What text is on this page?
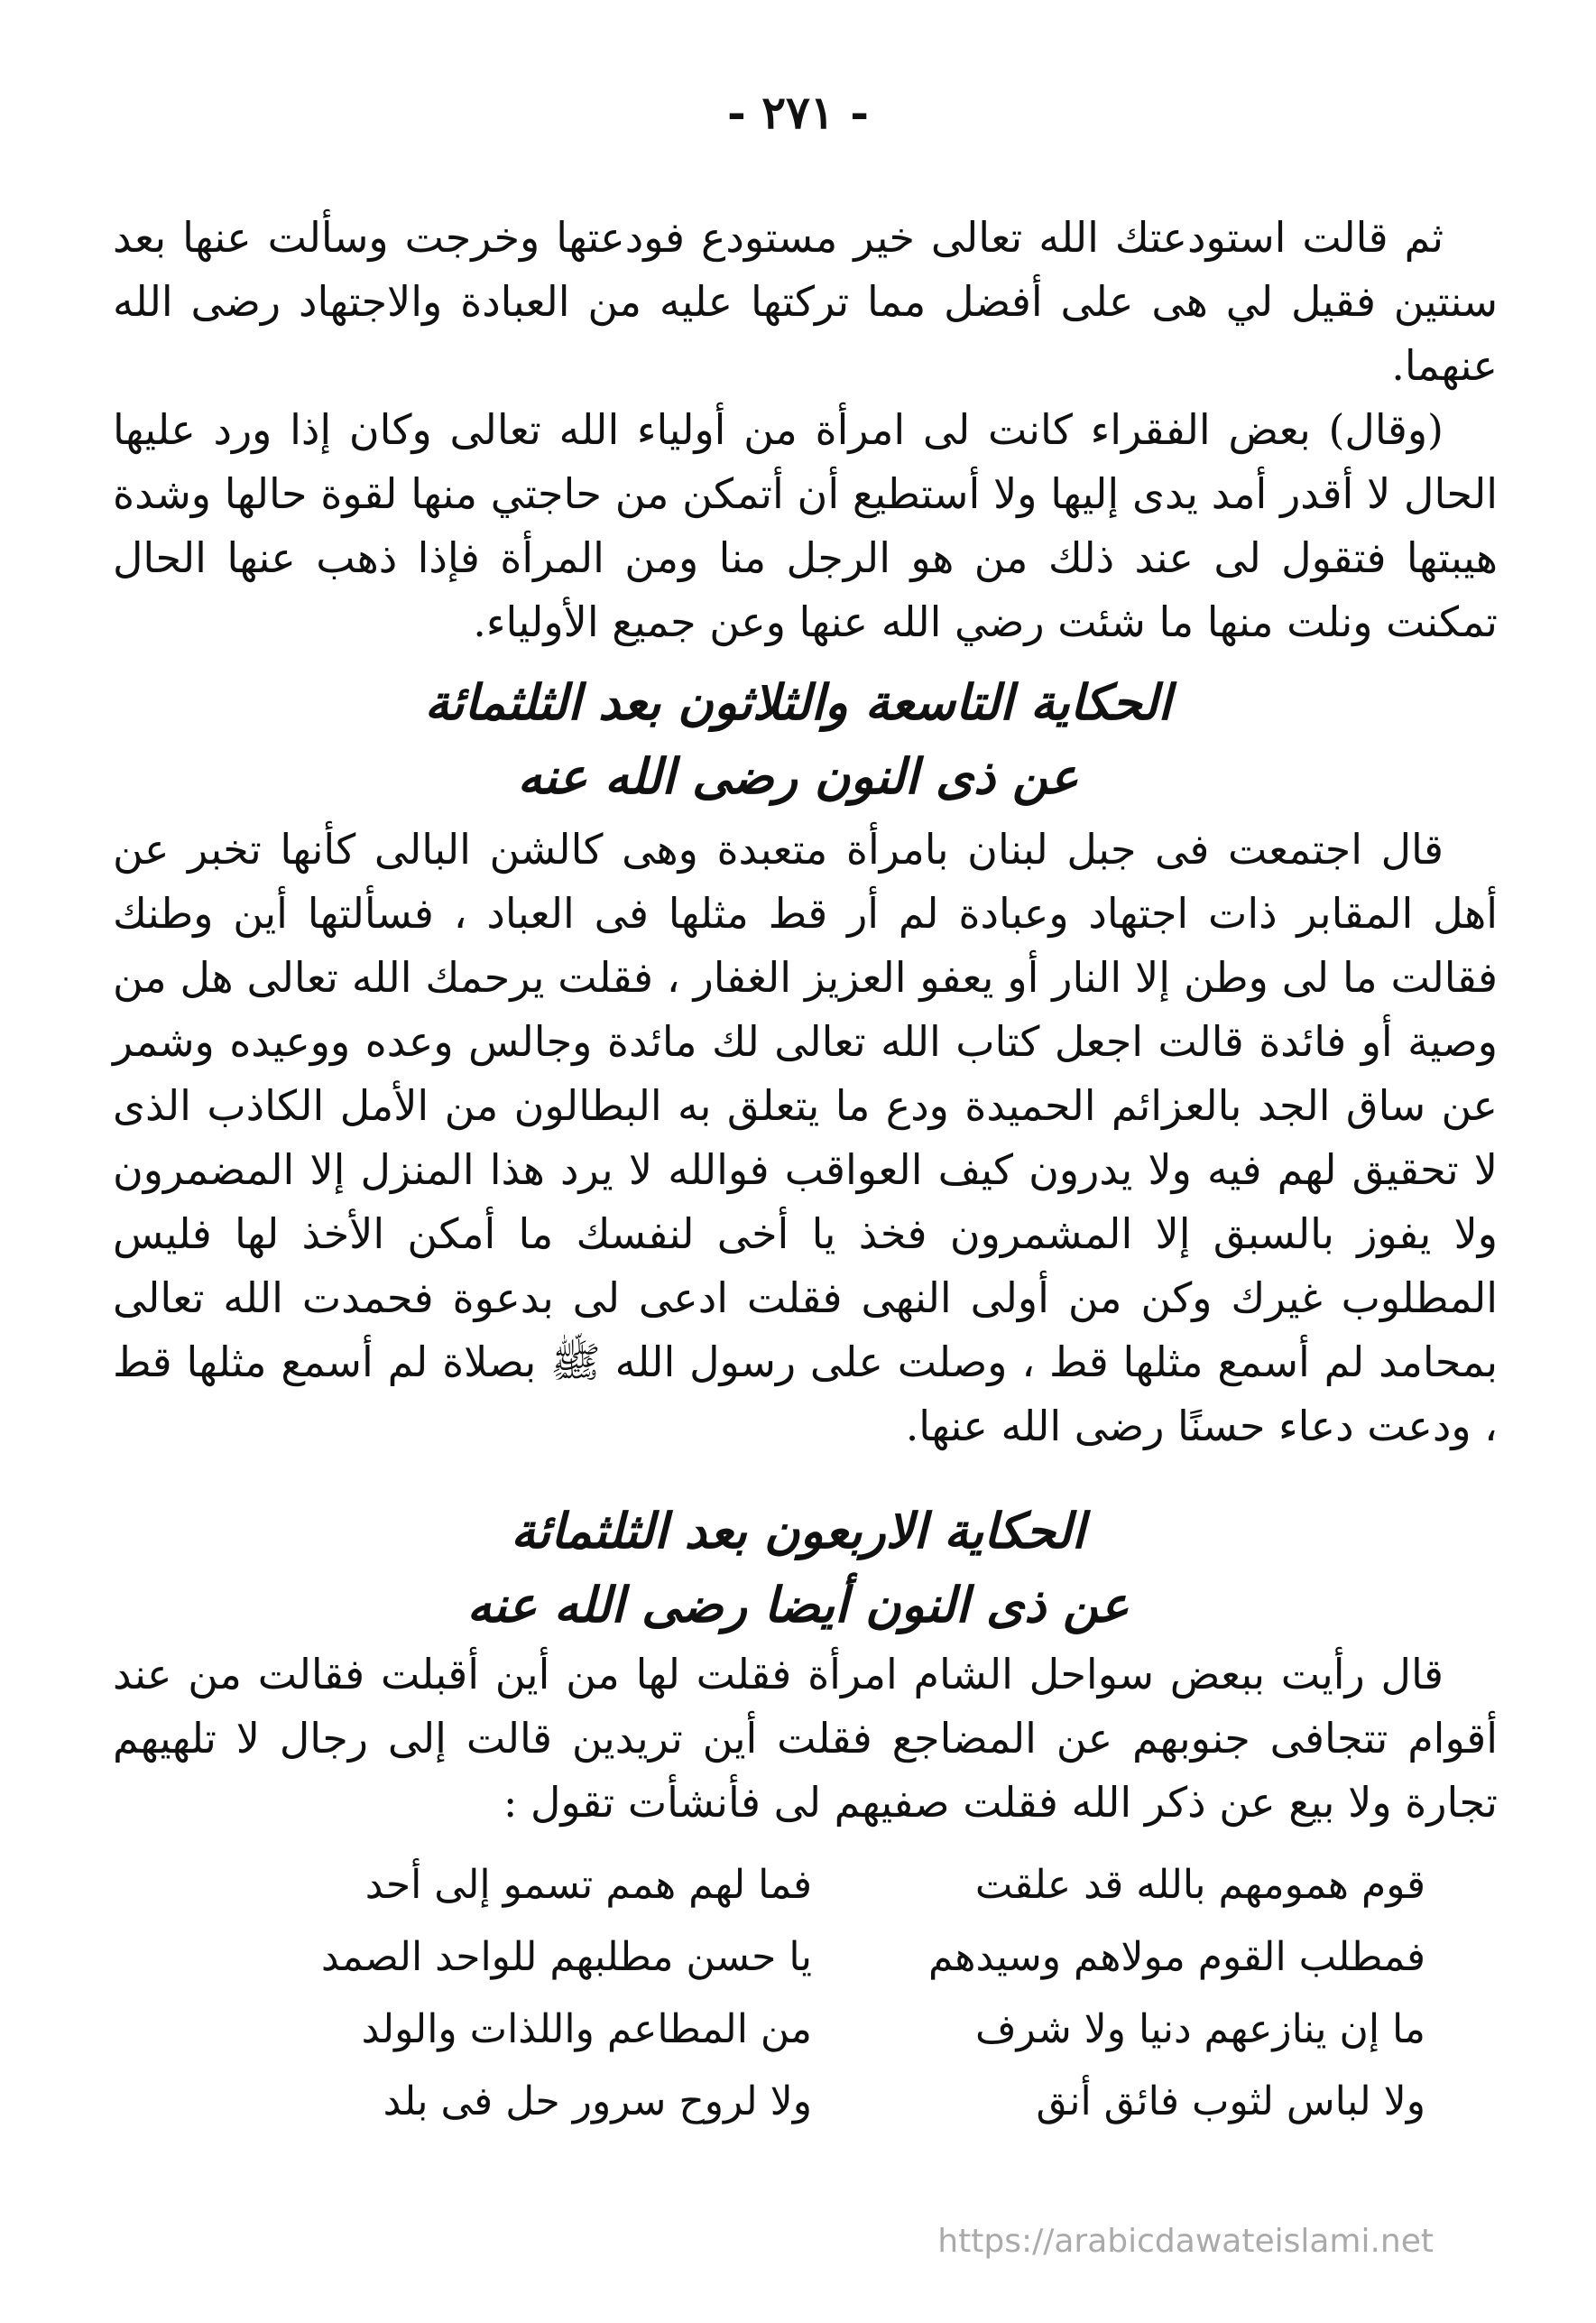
- ٢٧١ -

ثم قالت استودعتك الله تعالى خير مستودع فودعتها وخرجت وسألت عنها بعد سنتين فقيل لي هى على أفضل مما تركتها عليه من العبادة والاجتهاد رضى الله عنهما.

(وقال) بعض الفقراء كانت لى امرأة من أولياء الله تعالى وكان إذا ورد عليها الحال لا أقدر أمد يدى إليها ولا أستطيع أن أتمكن من حاجتي منها لقوة حالها وشدة هيبتها فتقول لى عند ذلك من هو الرجل منا ومن المرأة فإذا ذهب عنها الحال تمكنت ونلت منها ما شئت رضي الله عنها وعن جميع الأولياء.

الحكاية التاسعة والثلاثون بعد الثلثمائة
عن ذى النون رضى الله عنه

قال اجتمعت فى جبل لبنان بامرأة متعبدة وهى كالشن البالى كأنها تخبر عن أهل المقابر ذات اجتهاد وعبادة لم أر قط مثلها فى العباد ، فسألتها أين وطنك فقالت ما لى وطن إلا النار أو يعفو العزيز الغفار ، فقلت يرحمك الله تعالى هل من وصية أو فائدة قالت اجعل كتاب الله تعالى لك مائدة وجالس وعده ووعيده وشمر عن ساق الجد بالعزائم الحميدة ودع ما يتعلق به البطالون من الأمل الكاذب الذى لا تحقيق لهم فيه ولا يدرون كيف العواقب فوالله لا يرد هذا المنزل إلا المضمرون ولا يفوز بالسبق إلا المشمرون فخذ يا أخى لنفسك ما أمكن الأخذ لها فليس المطلوب غيرك وكن من أولى النهى فقلت ادعى لى بدعوة فحمدت الله تعالى بمحامد لم أسمع مثلها قط ، وصلت على رسول الله ﷺ بصلاة لم أسمع مثلها قط ، ودعت دعاء حسنًا رضى الله عنها.

الحكاية الاربعون بعد الثلثمائة
عن ذى النون أيضا رضى الله عنه

قال رأيت ببعض سواحل الشام امرأة فقلت لها من أين أقبلت فقالت من عند أقوام تتجافى جنوبهم عن المضاجع فقلت أين تريدين قالت إلى رجال لا تلهيهم تجارة ولا بيع عن ذكر الله فقلت صفيهم لى فأنشأت تقول :

قوم همومهم بالله قد علقت
فما لهم همم تسمو إلى أحد
فمطلب القوم مولاهم وسيدهم
يا حسن مطلبهم للواحد الصمد
ما إن ينازعهم دنيا ولا شرف
من المطاعم واللذات والولد
ولا لباس لثوب فائق أنق
ولا لروح سرور حل فى بلد
https://arabicdawateislami.net
